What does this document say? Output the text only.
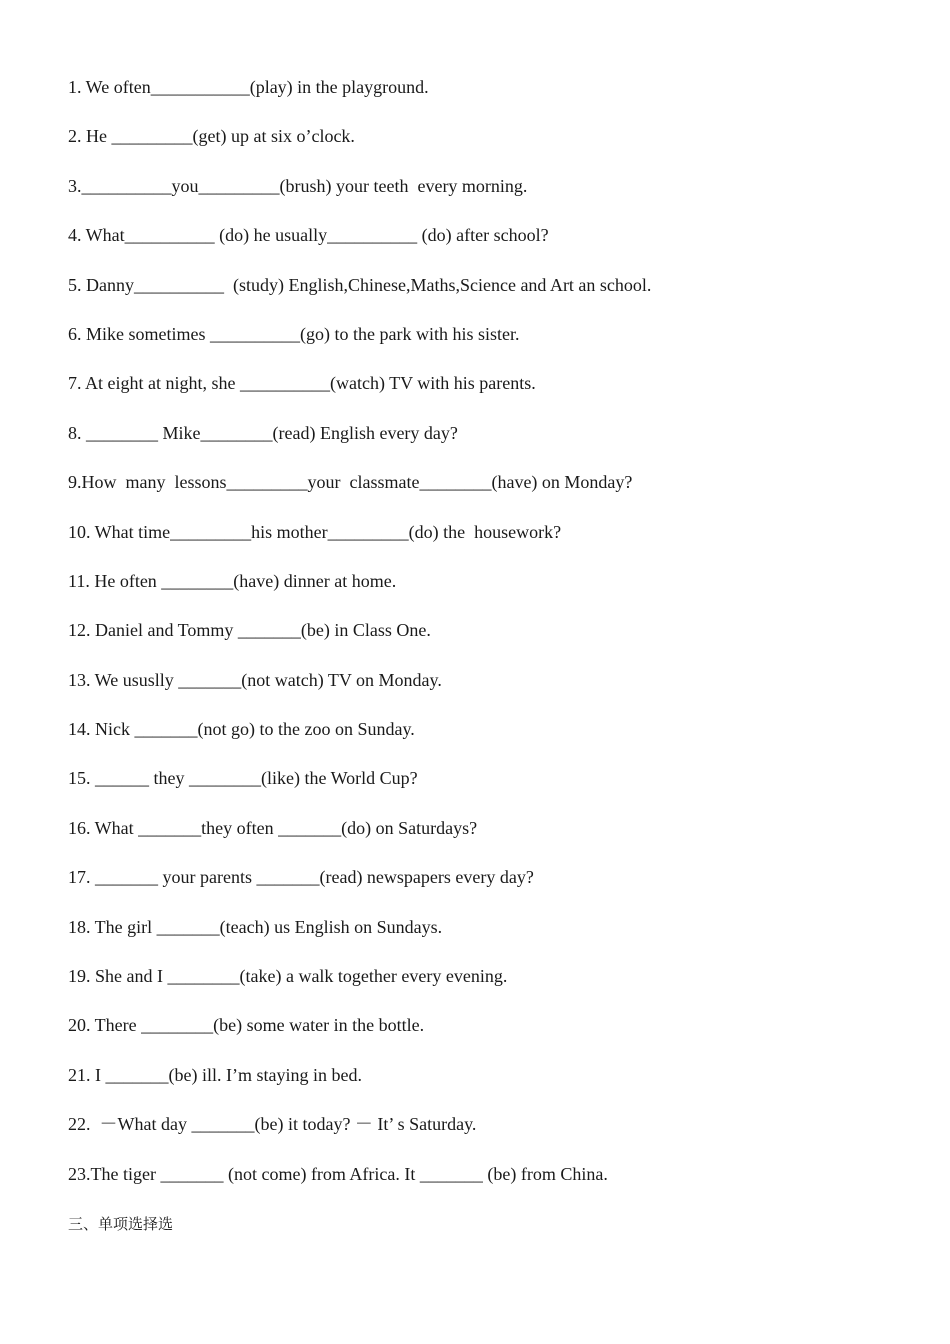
1. We often___________(play) in the playground.
2. He _________(get) up at six o’clock.
3.__________you_________(brush) your teeth  every morning.
4. What__________ (do) he usually__________ (do) after school?
5. Danny__________  (study) English,Chinese,Maths,Science and Art an school.
6. Mike sometimes __________(go) to the park with his sister.
7. At eight at night, she __________(watch) TV with his parents.
8. ________ Mike________(read) English every day?
9.How  many  lessons_________your  classmate________(have) on Monday?
10. What time_________his mother_________(do) the  housework?
11. He often ________(have) dinner at home.
12. Daniel and Tommy _______(be) in Class One.
13. We ususlly _______(not watch) TV on Monday.
14. Nick _______(not go) to the zoo on Sunday.
15. ______ they ________(like) the World Cup?
16. What _______they often _______(do) on Saturdays?
17. _______ your parents _______(read) newspapers every day?
18. The girl _______(teach) us English on Sundays.
19. She and I ________(take) a walk together every evening.
20. There ________(be) some water in the bottle.
21. I _______(be) ill. I’m staying in bed.
22.  －What day _______(be) it today? － It’ s Saturday.
23.The tiger _______ (not come) from Africa. It _______ (be) from China.
三、单项选择选
